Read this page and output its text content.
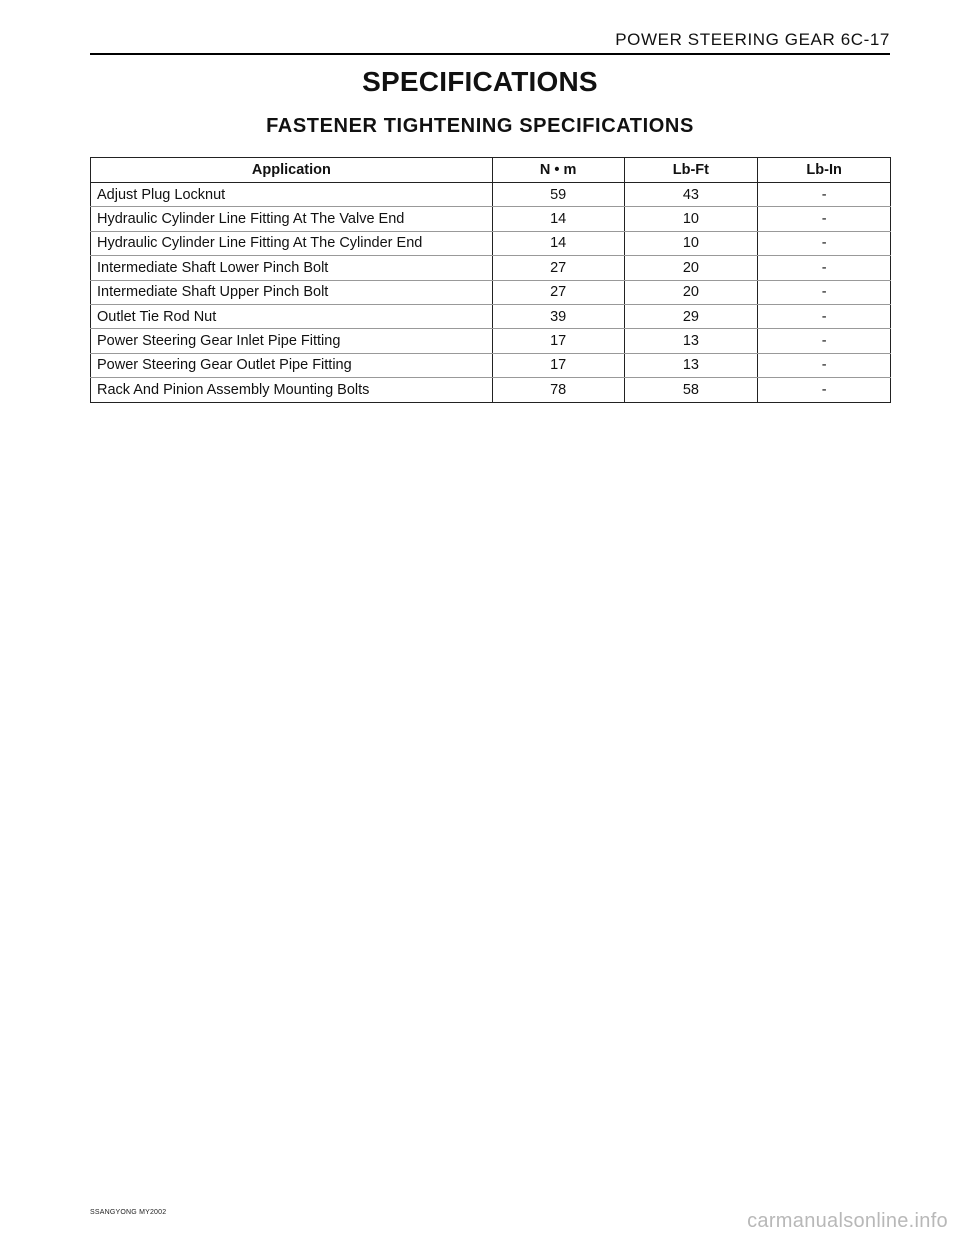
POWER STEERING GEAR 6C-17
SPECIFICATIONS
FASTENER TIGHTENING SPECIFICATIONS
Application	N • m	Lb-Ft	Lb-In
Adjust Plug Locknut	59	43	-
Hydraulic Cylinder Line Fitting At The Valve End	14	10	-
Hydraulic Cylinder Line Fitting At The Cylinder End	14	10	-
Intermediate Shaft Lower Pinch Bolt	27	20	-
Intermediate Shaft Upper Pinch Bolt	27	20	-
Outlet Tie Rod Nut	39	29	-
Power Steering Gear Inlet Pipe Fitting	17	13	-
Power Steering Gear Outlet Pipe Fitting	17	13	-
Rack And Pinion Assembly Mounting Bolts	78	58	-
SSANGYONG MY2002	carmanualsonline.info
